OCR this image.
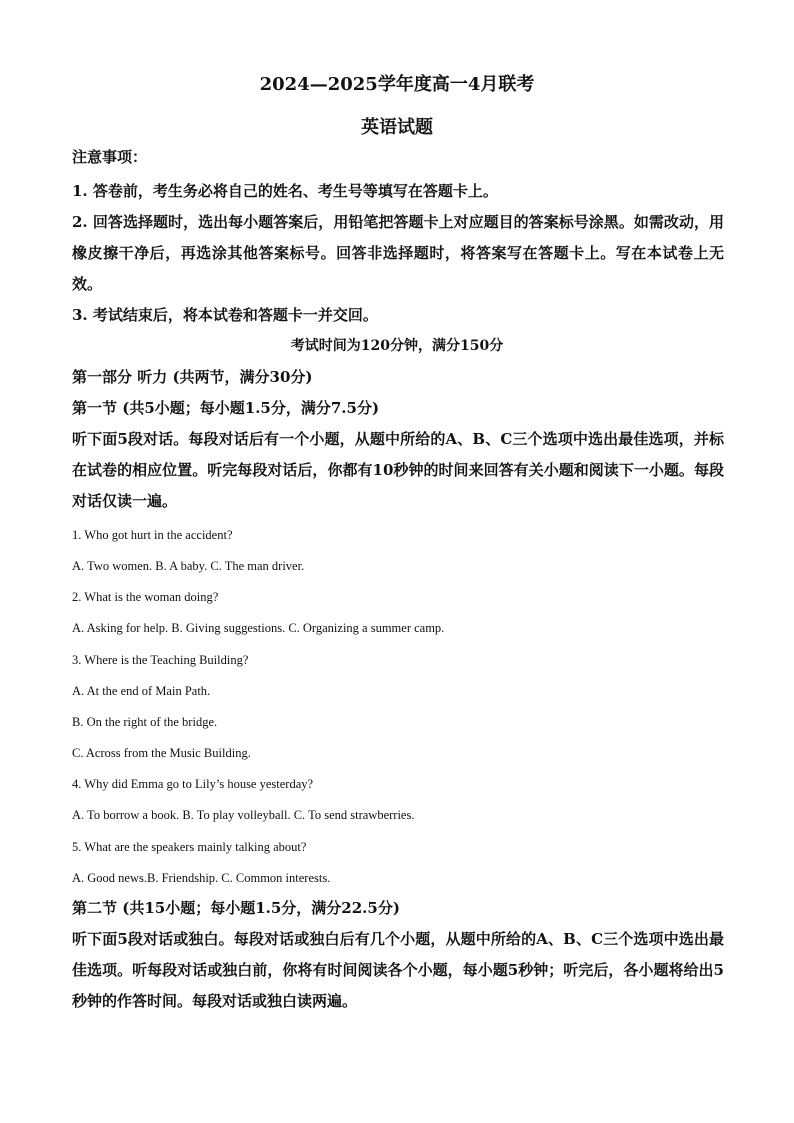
2024—2025学年度高一4月联考
英语试题
注意事项：
1. 答卷前，考生务必将自己的姓名、考生号等填写在答题卡上。
2. 回答选择题时，选出每小题答案后，用铅笔把答题卡上对应题目的答案标号涂黑。如需改动，用橡皮擦干净后，再选涂其他答案标号。回答非选择题时，将答案写在答题卡上。写在本试卷上无效。
3. 考试结束后，将本试卷和答题卡一并交回。
考试时间为120分钟，满分150分
第一部分 听力 (共两节，满分30分)
第一节 (共5小题；每小题1.5分，满分7.5分)
听下面5段对话。每段对话后有一个小题，从题中所给的A、B、C三个选项中选出最佳选项，并标在试卷的相应位置。听完每段对话后，你都有10秒钟的时间来回答有关小题和阅读下一小题。每段对话仅读一遍。
1. Who got hurt in the accident?
A. Two women. B. A baby. C. The man driver.
2. What is the woman doing?
A. Asking for help. B. Giving suggestions. C. Organizing a summer camp.
3. Where is the Teaching Building?
A. At the end of Main Path.
B. On the right of the bridge.
C. Across from the Music Building.
4. Why did Emma go to Lily’s house yesterday?
A. To borrow a book. B. To play volleyball. C. To send strawberries.
5. What are the speakers mainly talking about?
A. Good news.B. Friendship. C. Common interests.
第二节 (共15小题；每小题1.5分，满分22.5分)
听下面5段对话或独白。每段对话或独白后有几个小题，从题中所给的A、B、C三个选项中选出最佳选项。听每段对话或独白前，你将有时间阅读各个小题，每小题5秒钟；听完后，各小题将给出5秒钟的作答时间。每段对话或独白读两遍。
